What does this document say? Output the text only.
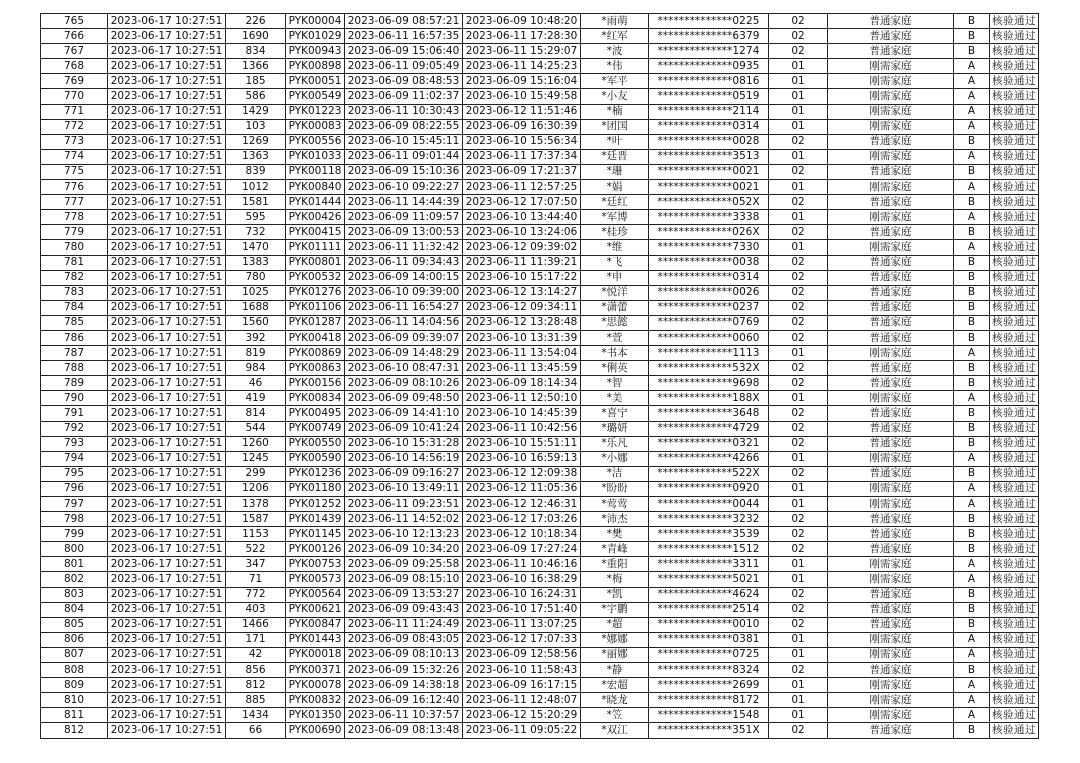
765	2023-06-17 10:27:51	226	PYK00004	2023-06-09 08:57:21	2023-06-09 10:48:20	*雨萌	**************0225	02	普通家庭	B	核验通过
766	2023-06-17 10:27:51	1690	PYK01029	2023-06-11 16:57:35	2023-06-11 17:28:30	*红军	**************6379	02	普通家庭	B	核验通过
767	2023-06-17 10:27:51	834	PYK00943	2023-06-09 15:06:40	2023-06-11 15:29:07	*波	**************1274	02	普通家庭	B	核验通过
768	2023-06-17 10:27:51	1366	PYK00898	2023-06-11 09:05:49	2023-06-11 14:25:23	*伟	**************0935	01	刚需家庭	A	核验通过
769	2023-06-17 10:27:51	185	PYK00051	2023-06-09 08:48:53	2023-06-09 15:16:04	*军平	**************0816	01	刚需家庭	A	核验通过
770	2023-06-17 10:27:51	586	PYK00549	2023-06-09 11:02:37	2023-06-10 15:49:58	*小友	**************0519	01	刚需家庭	A	核验通过
771	2023-06-17 10:27:51	1429	PYK01223	2023-06-11 10:30:43	2023-06-12 11:51:46	*楠	**************2114	01	刚需家庭	A	核验通过
772	2023-06-17 10:27:51	103	PYK00083	2023-06-09 08:22:55	2023-06-09 16:30:39	*团国	**************0314	01	刚需家庭	A	核验通过
773	2023-06-17 10:27:51	1269	PYK00556	2023-06-10 15:45:11	2023-06-10 15:56:34	*叶	**************0028	02	普通家庭	B	核验通过
774	2023-06-17 10:27:51	1363	PYK01033	2023-06-11 09:01:44	2023-06-11 17:37:34	*廷晋	**************3513	01	刚需家庭	A	核验通过
775	2023-06-17 10:27:51	839	PYK00118	2023-06-09 15:10:36	2023-06-09 17:21:37	*珊	**************0021	02	普通家庭	B	核验通过
776	2023-06-17 10:27:51	1012	PYK00840	2023-06-10 09:22:27	2023-06-11 12:57:25	*娟	**************0021	01	刚需家庭	A	核验通过
777	2023-06-17 10:27:51	1581	PYK01444	2023-06-11 14:44:39	2023-06-12 17:07:50	*廷红	**************052X	02	普通家庭	B	核验通过
778	2023-06-17 10:27:51	595	PYK00426	2023-06-09 11:09:57	2023-06-10 13:44:40	*军博	**************3338	01	刚需家庭	A	核验通过
779	2023-06-17 10:27:51	732	PYK00415	2023-06-09 13:00:53	2023-06-10 13:24:06	*桂珍	**************026X	02	普通家庭	B	核验通过
780	2023-06-17 10:27:51	1470	PYK01111	2023-06-11 11:32:42	2023-06-12 09:39:02	*维	**************7330	01	刚需家庭	A	核验通过
781	2023-06-17 10:27:51	1383	PYK00801	2023-06-11 09:34:43	2023-06-11 11:39:21	*飞	**************0038	02	普通家庭	B	核验通过
782	2023-06-17 10:27:51	780	PYK00532	2023-06-09 14:00:15	2023-06-10 15:17:22	*申	**************0314	02	普通家庭	B	核验通过
783	2023-06-17 10:27:51	1025	PYK01276	2023-06-10 09:39:00	2023-06-12 13:14:27	*悦洋	**************0026	02	普通家庭	B	核验通过
784	2023-06-17 10:27:51	1688	PYK01106	2023-06-11 16:54:27	2023-06-12 09:34:11	*潇蕾	**************0237	02	普通家庭	B	核验通过
785	2023-06-17 10:27:51	1560	PYK01287	2023-06-11 14:04:56	2023-06-12 13:28:48	*思懿	**************0769	02	普通家庭	B	核验通过
786	2023-06-17 10:27:51	392	PYK00418	2023-06-09 09:39:07	2023-06-10 13:31:39	*萱	**************0060	02	普通家庭	B	核验通过
787	2023-06-17 10:27:51	819	PYK00869	2023-06-09 14:48:29	2023-06-11 13:54:04	*书本	**************1113	01	刚需家庭	A	核验通过
788	2023-06-17 10:27:51	984	PYK00863	2023-06-10 08:47:31	2023-06-11 13:45:59	*俐英	**************532X	02	普通家庭	B	核验通过
789	2023-06-17 10:27:51	46	PYK00156	2023-06-09 08:10:26	2023-06-09 18:14:34	*智	**************9698	02	普通家庭	B	核验通过
790	2023-06-17 10:27:51	419	PYK00834	2023-06-09 09:48:50	2023-06-11 12:50:10	*美	**************188X	01	刚需家庭	A	核验通过
791	2023-06-17 10:27:51	814	PYK00495	2023-06-09 14:41:10	2023-06-10 14:45:39	*喜宁	**************3648	02	普通家庭	B	核验通过
792	2023-06-17 10:27:51	544	PYK00749	2023-06-09 10:41:24	2023-06-11 10:42:56	*璐妍	**************4729	02	普通家庭	B	核验通过
793	2023-06-17 10:27:51	1260	PYK00550	2023-06-10 15:31:28	2023-06-10 15:51:11	*乐凡	**************0321	02	普通家庭	B	核验通过
794	2023-06-17 10:27:51	1245	PYK00590	2023-06-10 14:56:19	2023-06-10 16:59:13	*小娜	**************4266	01	刚需家庭	A	核验通过
795	2023-06-17 10:27:51	299	PYK01236	2023-06-09 09:16:27	2023-06-12 12:09:38	*洁	**************522X	02	普通家庭	B	核验通过
796	2023-06-17 10:27:51	1206	PYK01180	2023-06-10 13:49:11	2023-06-12 11:05:36	*盼盼	**************0920	01	刚需家庭	A	核验通过
797	2023-06-17 10:27:51	1378	PYK01252	2023-06-11 09:23:51	2023-06-12 12:46:31	*莺莺	**************0044	01	刚需家庭	A	核验通过
798	2023-06-17 10:27:51	1587	PYK01439	2023-06-11 14:52:02	2023-06-12 17:03:26	*沛杰	**************3232	02	普通家庭	B	核验通过
799	2023-06-17 10:27:51	1153	PYK01145	2023-06-10 12:13:23	2023-06-12 10:18:34	*樊	**************3539	02	普通家庭	B	核验通过
800	2023-06-17 10:27:51	522	PYK00126	2023-06-09 10:34:20	2023-06-09 17:27:24	*青峰	**************1512	02	普通家庭	B	核验通过
801	2023-06-17 10:27:51	347	PYK00753	2023-06-09 09:25:58	2023-06-11 10:46:16	*重阳	**************3311	01	刚需家庭	A	核验通过
802	2023-06-17 10:27:51	71	PYK00573	2023-06-09 08:15:10	2023-06-10 16:38:29	*梅	**************5021	01	刚需家庭	A	核验通过
803	2023-06-17 10:27:51	772	PYK00564	2023-06-09 13:53:27	2023-06-10 16:24:31	*凯	**************4624	02	普通家庭	B	核验通过
804	2023-06-17 10:27:51	403	PYK00621	2023-06-09 09:43:43	2023-06-10 17:51:40	*宇鹏	**************2514	02	普通家庭	B	核验通过
805	2023-06-17 10:27:51	1466	PYK00847	2023-06-11 11:24:49	2023-06-11 13:07:25	*超	**************0010	02	普通家庭	B	核验通过
806	2023-06-17 10:27:51	171	PYK01443	2023-06-09 08:43:05	2023-06-12 17:07:33	*娜娜	**************0381	01	刚需家庭	A	核验通过
807	2023-06-17 10:27:51	42	PYK00018	2023-06-09 08:10:13	2023-06-09 12:58:56	*丽娜	**************0725	01	刚需家庭	A	核验通过
808	2023-06-17 10:27:51	856	PYK00371	2023-06-09 15:32:26	2023-06-10 11:58:43	*静	**************8324	02	普通家庭	B	核验通过
809	2023-06-17 10:27:51	812	PYK00078	2023-06-09 14:38:18	2023-06-09 16:17:15	*宏超	**************2699	01	刚需家庭	A	核验通过
810	2023-06-17 10:27:51	885	PYK00832	2023-06-09 16:12:40	2023-06-11 12:48:07	*晓龙	**************8172	01	刚需家庭	A	核验通过
811	2023-06-17 10:27:51	1434	PYK01350	2023-06-11 10:37:57	2023-06-12 15:20:29	*笠	**************1548	01	刚需家庭	A	核验通过
812	2023-06-17 10:27:51	66	PYK00690	2023-06-09 08:13:48	2023-06-11 09:05:22	*双江	**************351X	02	普通家庭	B	核验通过
